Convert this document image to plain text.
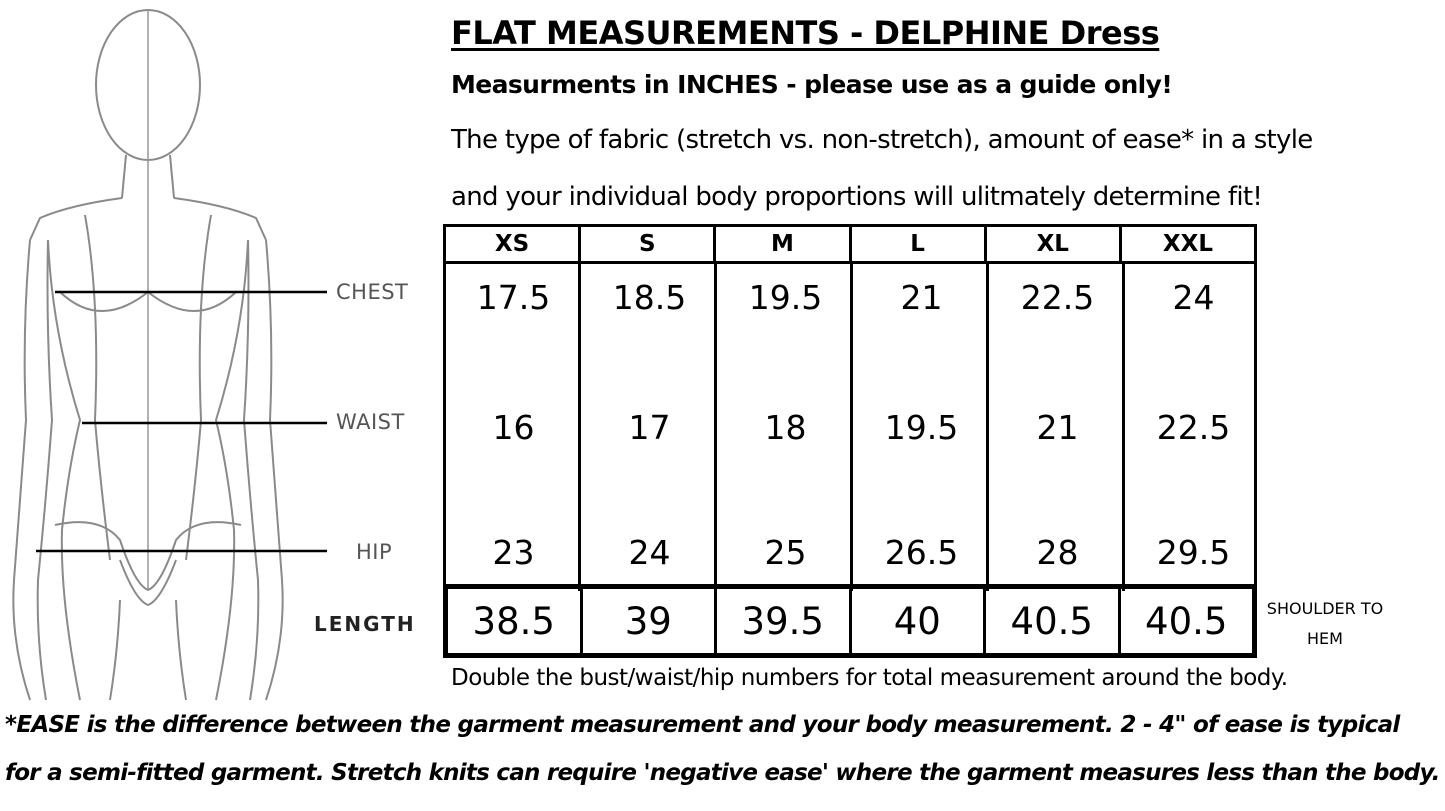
CHEST
WAIST
HIP
LENGTH
FLAT MEASUREMENTS - DELPHINE Dress
Measurments in INCHES - please use as a guide only!
The type of fabric (stretch vs. non-stretch), amount of ease* in a style
and your individual body proportions will ulitmately determine fit!
XS	S	M	L	XL	XXL
17.5	18.5	19.5	21	22.5	24
16	17	18	19.5	21	22.5
23	24	25	26.5	28	29.5
38.5	39	39.5	40	40.5	40.5	SHOULDER TO HEM
Double the bust/waist/hip numbers for total measurement around the body.
*EASE is the difference between the garment measurement and your body measurement. 2 - 4" of ease is typical
for a semi-fitted garment. Stretch knits can require 'negative ease' where the garment measures less than the body.
